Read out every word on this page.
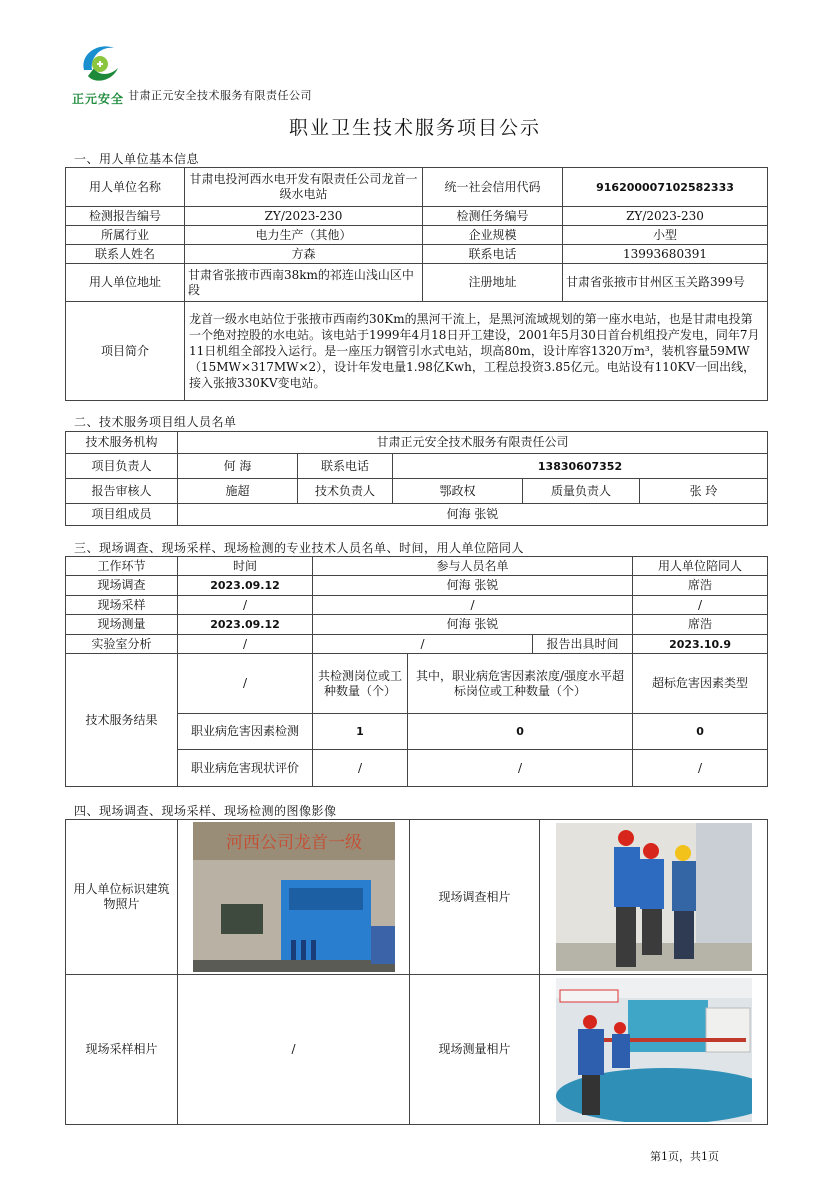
正元安全 甘肃正元安全技术服务有限责任公司
职业卫生技术服务项目公示
一、用人单位基本信息
用人单位名称	甘肃电投河西水电开发有限责任公司龙首一级水电站	统一社会信用代码	916200007102582333
检测报告编号	ZY/2023-230	检测任务编号	ZY/2023-230
所属行业	电力生产（其他）	企业规模	小型
联系人姓名	方森	联系电话	13993680391
用人单位地址	甘肃省张掖市西南38km的祁连山浅山区中段	注册地址	甘肃省张掖市甘州区玉关路399号
项目简介	龙首一级水电站位于张掖市西南约30Km的黑河干流上，是黑河流域规划的第一座水电站，也是甘肃电投第一个绝对控股的水电站。该电站于1999年4月18日开工建设，2001年5月30日首台机组投产发电，同年7月11日机组全部投入运行。是一座压力钢管引水式电站，坝高80m，设计库容1320万m³，装机容量59MW（15MW×317MW×2），设计年发电量1.98亿Kwh，工程总投资3.85亿元。电站设有110KV一回出线，接入张掖330KV变电站。		
二、技术服务项目组人员名单
技术服务机构	甘肃正元安全技术服务有限责任公司				
项目负责人	何 海	联系电话	13830607352		
报告审核人	施超	技术负责人	鄂政权	质量负责人	张 玲
项目组成员	何海 张锐				
三、现场调查、现场采样、现场检测的专业技术人员名单、时间，用人单位陪同人
工作环节	时间	参与人员名单			用人单位陪同人
现场调查	2023.09.12	何海 张锐			席浩
现场采样	/	/			/
现场测量	2023.09.12	何海 张锐			席浩
实验室分析	/	/		报告出具时间	2023.10.9
技术服务结果	/	共检测岗位或工种数量（个）	其中，职业病危害因素浓度/强度水平超标岗位或工种数量（个）		超标危害因素类型
	职业病危害因素检测	1	0		0
	职业病危害现状评价	/	/		/
四、现场调查、现场采样、现场检测的图像影像
用人单位标识建筑物照片	河西公司龙首一级	现场调查相片	

现场采样相片	/	现场测量相片	
第1页，共1页
